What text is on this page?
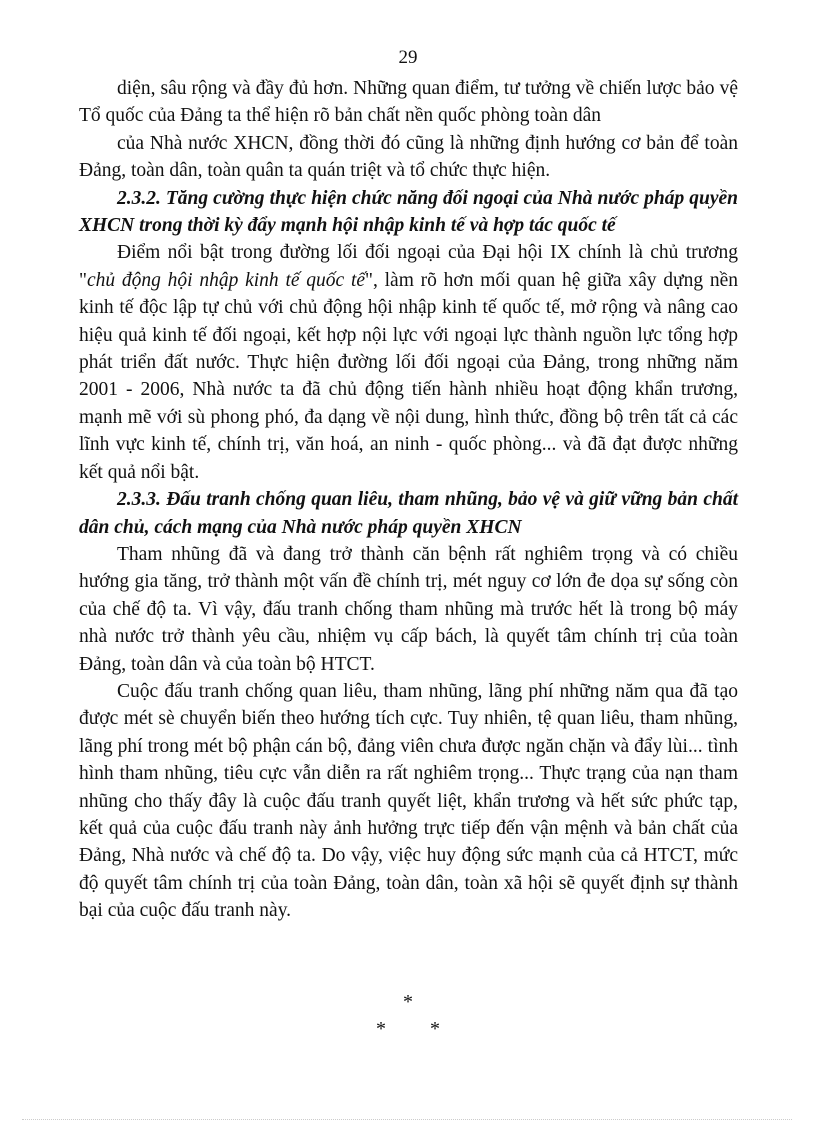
29

diện, sâu rộng và đầy đủ hơn. Những quan điểm, tư tưởng về chiến lược bảo vệ Tổ quốc của Đảng ta thể hiện rõ bản chất nền quốc phòng toàn dân

của Nhà nước XHCN, đồng thời đó cũng là những định hướng cơ bản để toàn Đảng, toàn dân, toàn quân ta quán triệt và tổ chức thực hiện.

2.3.2. Tăng cường thực hiện chức năng đối ngoại của Nhà nước pháp quyền XHCN trong thời kỳ đẩy mạnh hội nhập kinh tế và hợp tác quốc tế

Điểm nổi bật trong đường lối đối ngoại của Đại hội IX chính là chủ trương "chủ động hội nhập kinh tế quốc tế", làm rõ hơn mối quan hệ giữa xây dựng nền kinh tế độc lập tự chủ với chủ động hội nhập kinh tế quốc tế, mở rộng và nâng cao hiệu quả kinh tế đối ngoại, kết hợp nội lực với ngoại lực thành nguồn lực tổng hợp phát triển đất nước. Thực hiện đường lối đối ngoại của Đảng, trong những năm 2001 - 2006, Nhà nước ta đã chủ động tiến hành nhiều hoạt động khẩn trương, mạnh mẽ với sù phong phó, đa dạng về nội dung, hình thức, đồng bộ trên tất cả các lĩnh vực kinh tế, chính trị, văn hoá, an ninh - quốc phòng... và đã đạt được những kết quả nổi bật.

2.3.3. Đấu tranh chống quan liêu, tham nhũng, bảo vệ và giữ vững bản chất dân chủ, cách mạng của Nhà nước pháp quyền XHCN

Tham nhũng đã và đang trở thành căn bệnh rất nghiêm trọng và có chiều hướng gia tăng, trở thành một vấn đề chính trị, mét nguy cơ lớn đe dọa sự sống còn của chế độ ta. Vì vậy, đấu tranh chống tham nhũng mà trước hết là trong bộ máy nhà nước trở thành yêu cầu, nhiệm vụ cấp bách, là quyết tâm chính trị của toàn Đảng, toàn dân và của toàn bộ HTCT.

Cuộc đấu tranh chống quan liêu, tham nhũng, lãng phí những năm qua đã tạo được mét sè chuyển biến theo hướng tích cực. Tuy nhiên, tệ quan liêu, tham nhũng, lãng phí trong mét bộ phận cán bộ, đảng viên chưa được ngăn chặn và đẩy lùi... tình hình tham nhũng, tiêu cực vẫn diễn ra rất nghiêm trọng... Thực trạng của nạn tham nhũng cho thấy đây là cuộc đấu tranh quyết liệt, khẩn trương và hết sức phức tạp, kết quả của cuộc đấu tranh này ảnh hưởng trực tiếp đến vận mệnh và bản chất của Đảng, Nhà nước và chế độ ta. Do vậy, việc huy động sức mạnh của cả HTCT, mức độ quyết tâm chính trị của toàn Đảng, toàn dân, toàn xã hội sẽ quyết định sự thành bại của cuộc đấu tranh này.

*
* *
